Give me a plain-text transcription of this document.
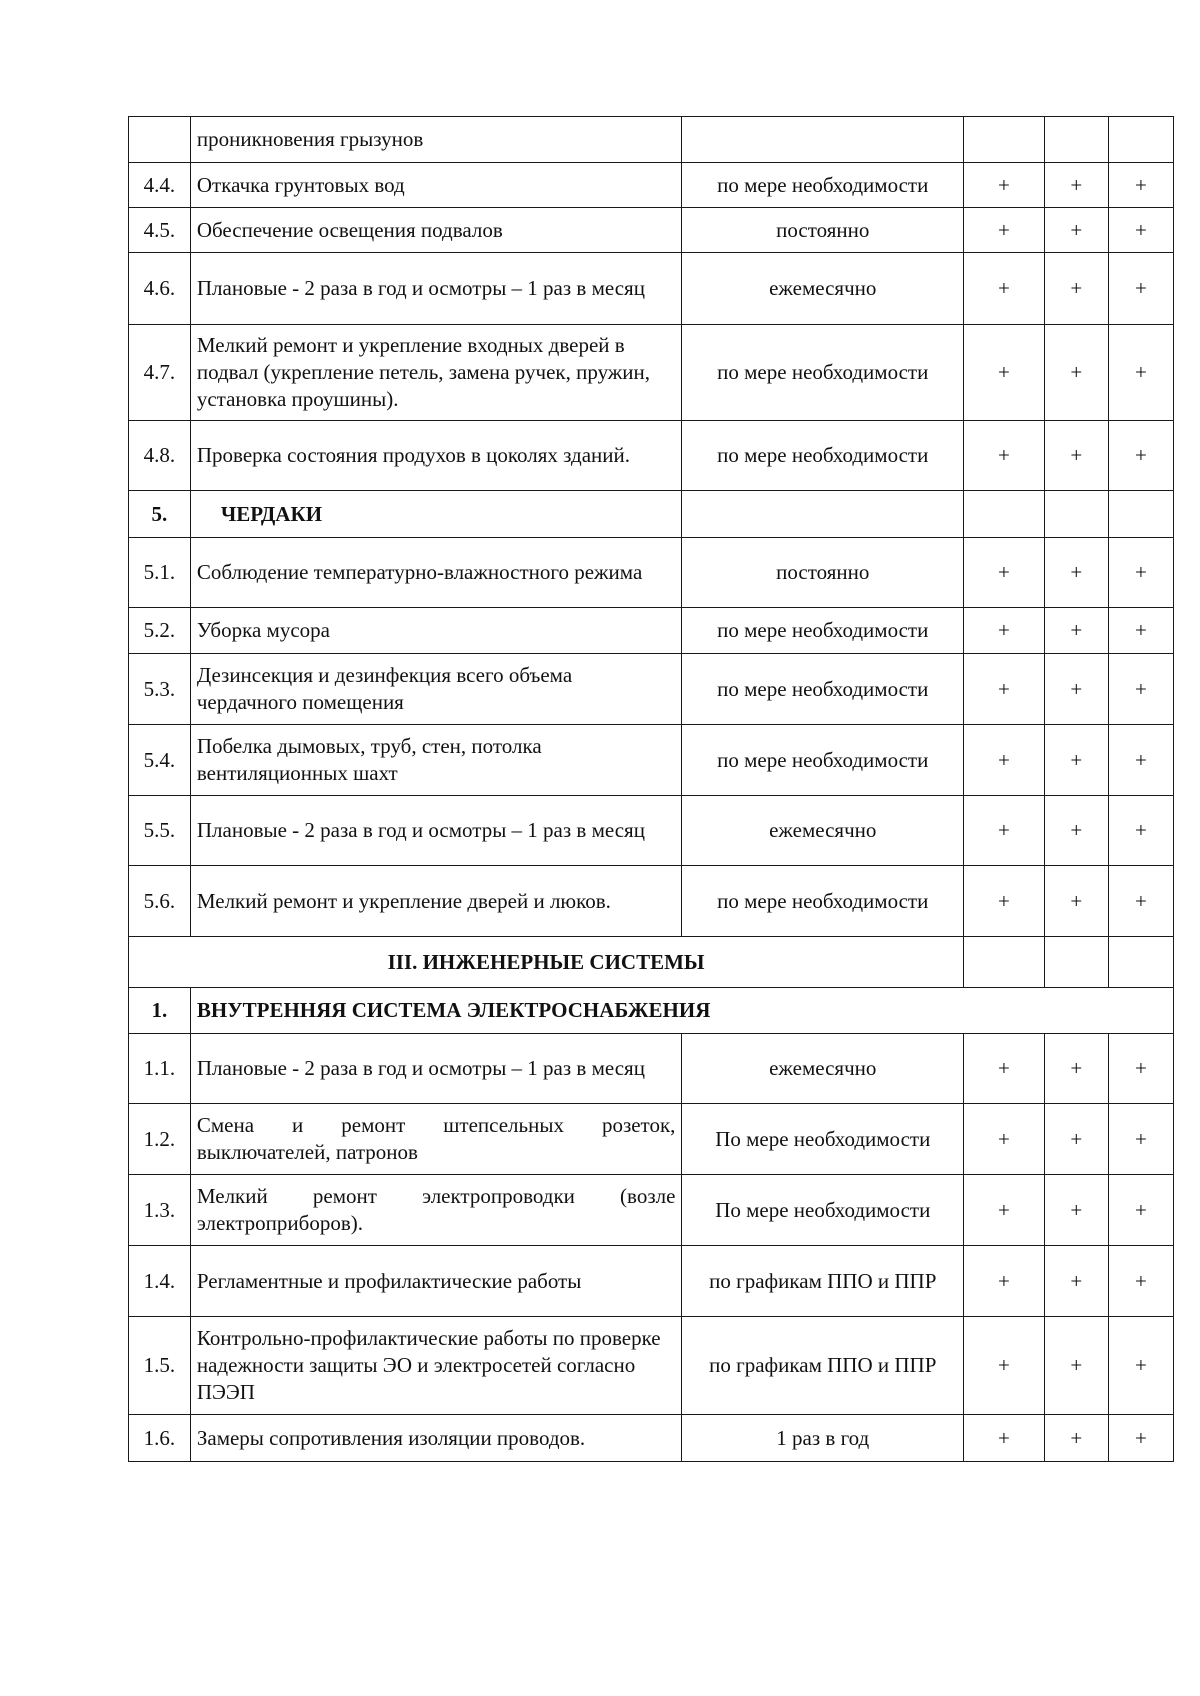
	проникновения грызунов				
4.4.	Откачка грунтовых вод	по мере необходимости	+	+	+
4.5.	Обеспечение освещения подвалов	постоянно	+	+	+
4.6.	Плановые - 2 раза в год и осмотры – 1 раз в месяц	ежемесячно	+	+	+
4.7.	Мелкий ремонт и укрепление входных дверей в подвал (укрепление петель, замена ручек, пружин, установка проушины).	по мере необходимости	+	+	+
4.8.	Проверка состояния продухов в цоколях зданий.	по мере необходимости	+	+	+
5.	ЧЕРДАКИ				
5.1.	Соблюдение температурно-влажностного режима	постоянно	+	+	+
5.2.	Уборка мусора	по мере необходимости	+	+	+
5.3.	Дезинсекция и дезинфекция всего объема чердачного помещения	по мере необходимости	+	+	+
5.4.	Побелка дымовых, труб, стен, потолка вентиляционных шахт	по мере необходимости	+	+	+
5.5.	Плановые - 2 раза в год и осмотры – 1 раз в месяц	ежемесячно	+	+	+
5.6.	Мелкий ремонт и укрепление дверей и люков.	по мере необходимости	+	+	+
III. ИНЖЕНЕРНЫЕ СИСТЕМЫ					
1.	ВНУТРЕННЯЯ СИСТЕМА ЭЛЕКТРОСНАБЖЕНИЯ				
1.1.	Плановые - 2 раза в год и осмотры – 1 раз в месяц	ежемесячно	+	+	+
1.2.	Смена и ремонт штепсельных розеток, выключателей, патронов	По мере необходимости	+	+	+
1.3.	Мелкий ремонт электропроводки (возле электроприборов).	По мере необходимости	+	+	+
1.4.	Регламентные и профилактические работы	по графикам ППО и ППР	+	+	+
1.5.	Контрольно-профилактические работы по проверке надежности защиты ЭО и электросетей согласно ПЭЭП	по графикам ППО и ППР	+	+	+
1.6.	Замеры сопротивления изоляции проводов.	1 раз в год	+	+	+
